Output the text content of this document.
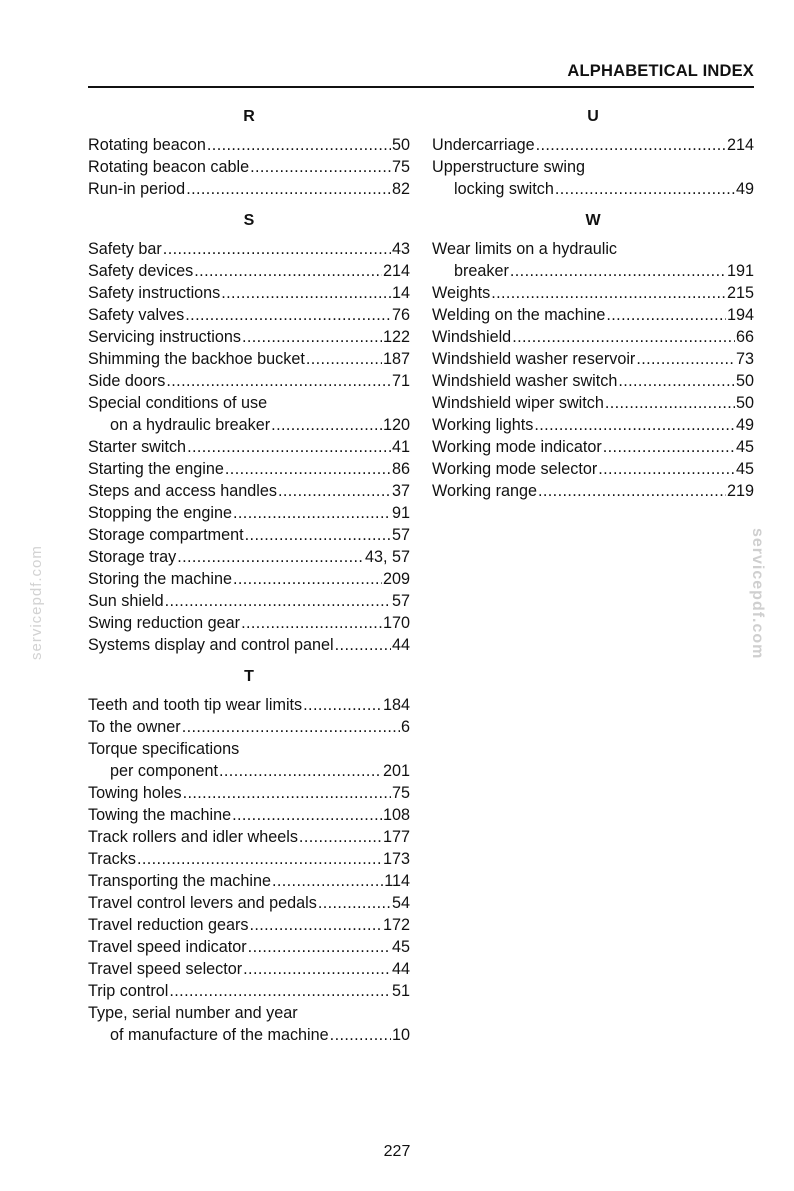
ALPHABETICAL INDEX
R
Rotating beacon .....	50
Rotating beacon cable .....	75
Run-in period .....	82
S
Safety bar .....	43
Safety devices .....	214
Safety instructions .....	14
Safety valves .....	76
Servicing instructions .....	122
Shimming the backhoe bucket .....	187
Side doors .....	71
Special conditions of use
on a hydraulic breaker .....	120
Starter switch .....	41
Starting the engine .....	86
Steps and access handles .....	37
Stopping the engine .....	91
Storage compartment .....	57
Storage tray .....	43, 57
Storing the machine .....	209
Sun shield .....	57
Swing reduction gear .....	170
Systems display and control panel .....	44
T
Teeth and tooth tip wear limits .....	184
To the owner .....	6
Torque specifications
per component .....	201
Towing holes .....	75
Towing the machine .....	108
Track rollers and idler wheels .....	177
Tracks .....	173
Transporting the machine .....	114
Travel control levers and pedals .....	54
Travel reduction gears .....	172
Travel speed indicator .....	45
Travel speed selector .....	44
Trip control .....	51
Type, serial number and year
of manufacture of the machine .....	10
U
Undercarriage .....	214
Upperstructure swing
locking switch .....	49
W
Wear limits on a hydraulic
breaker .....	191
Weights .....	215
Welding on the machine .....	194
Windshield .....	66
Windshield washer reservoir .....	73
Windshield washer switch .....	50
Windshield wiper switch .....	50
Working lights .....	49
Working mode indicator .....	45
Working mode selector .....	45
Working range .....	219
227
servicepdf.com	servicepdf.com
